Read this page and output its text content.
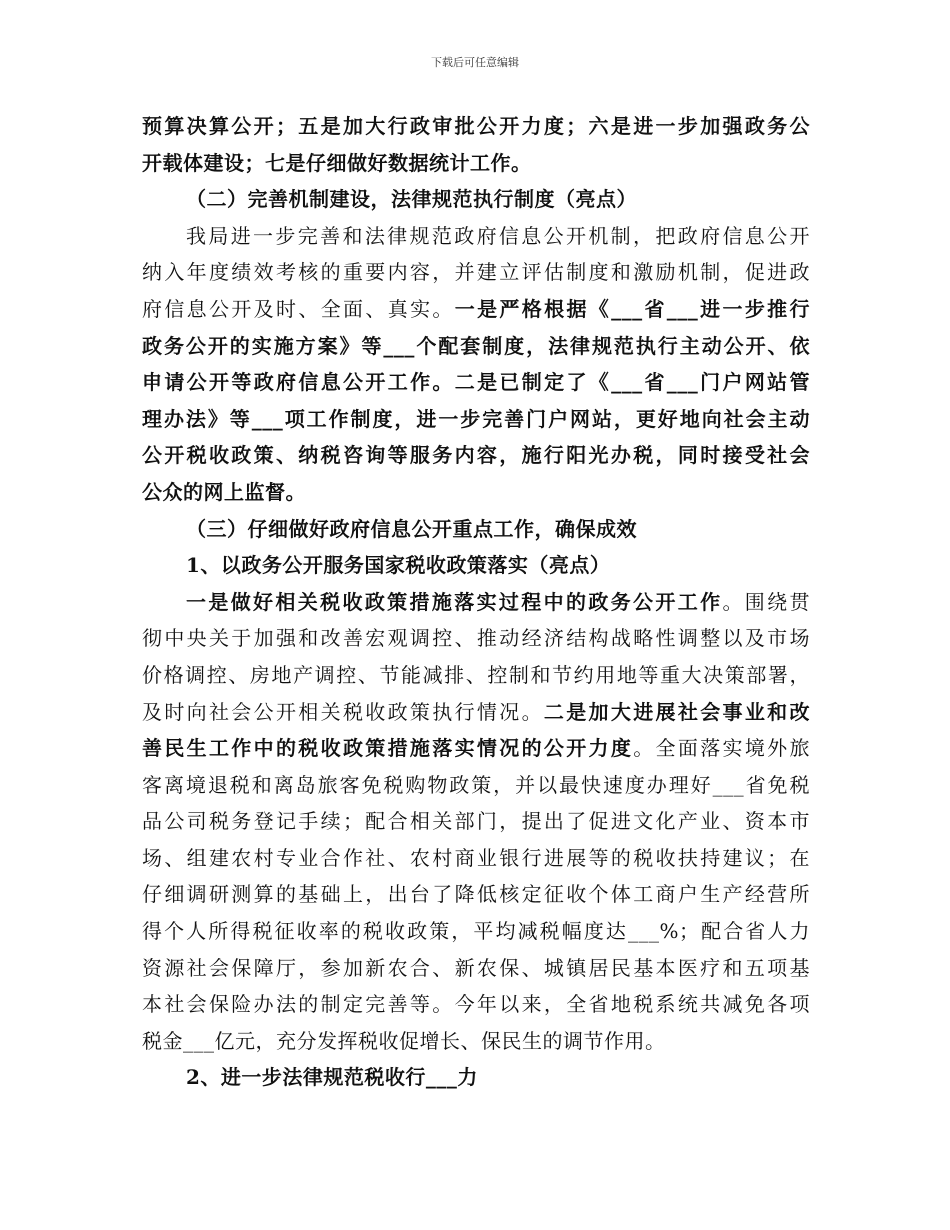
下载后可任意编辑
预算决算公开；五是加大行政审批公开力度；六是进一步加强政务公
开载体建设；七是仔细做好数据统计工作。
（二）完善机制建设，法律规范执行制度（亮点）
我局进一步完善和法律规范政府信息公开机制，把政府信息公开
纳入年度绩效考核的重要内容，并建立评估制度和激励机制，促进政
府信息公开及时、全面、真实。一是严格根据《___省___进一步推行
政务公开的实施方案》等___个配套制度，法律规范执行主动公开、依
申请公开等政府信息公开工作。二是已制定了《___省___门户网站管
理办法》等___项工作制度，进一步完善门户网站，更好地向社会主动
公开税收政策、纳税咨询等服务内容，施行阳光办税，同时接受社会
公众的网上监督。
（三）仔细做好政府信息公开重点工作，确保成效
1、以政务公开服务国家税收政策落实（亮点）
一是做好相关税收政策措施落实过程中的政务公开工作。围绕贯
彻中央关于加强和改善宏观调控、推动经济结构战略性调整以及市场
价格调控、房地产调控、节能减排、控制和节约用地等重大决策部署，
及时向社会公开相关税收政策执行情况。二是加大进展社会事业和改
善民生工作中的税收政策措施落实情况的公开力度。全面落实境外旅
客离境退税和离岛旅客免税购物政策，并以最快速度办理好___省免税
品公司税务登记手续；配合相关部门，提出了促进文化产业、资本市
场、组建农村专业合作社、农村商业银行进展等的税收扶持建议；在
仔细调研测算的基础上，出台了降低核定征收个体工商户生产经营所
得个人所得税征收率的税收政策，平均减税幅度达___%；配合省人力
资源社会保障厅，参加新农合、新农保、城镇居民基本医疗和五项基
本社会保险办法的制定完善等。今年以来，全省地税系统共减免各项
税金___亿元，充分发挥税收促增长、保民生的调节作用。
2、进一步法律规范税收行___力
